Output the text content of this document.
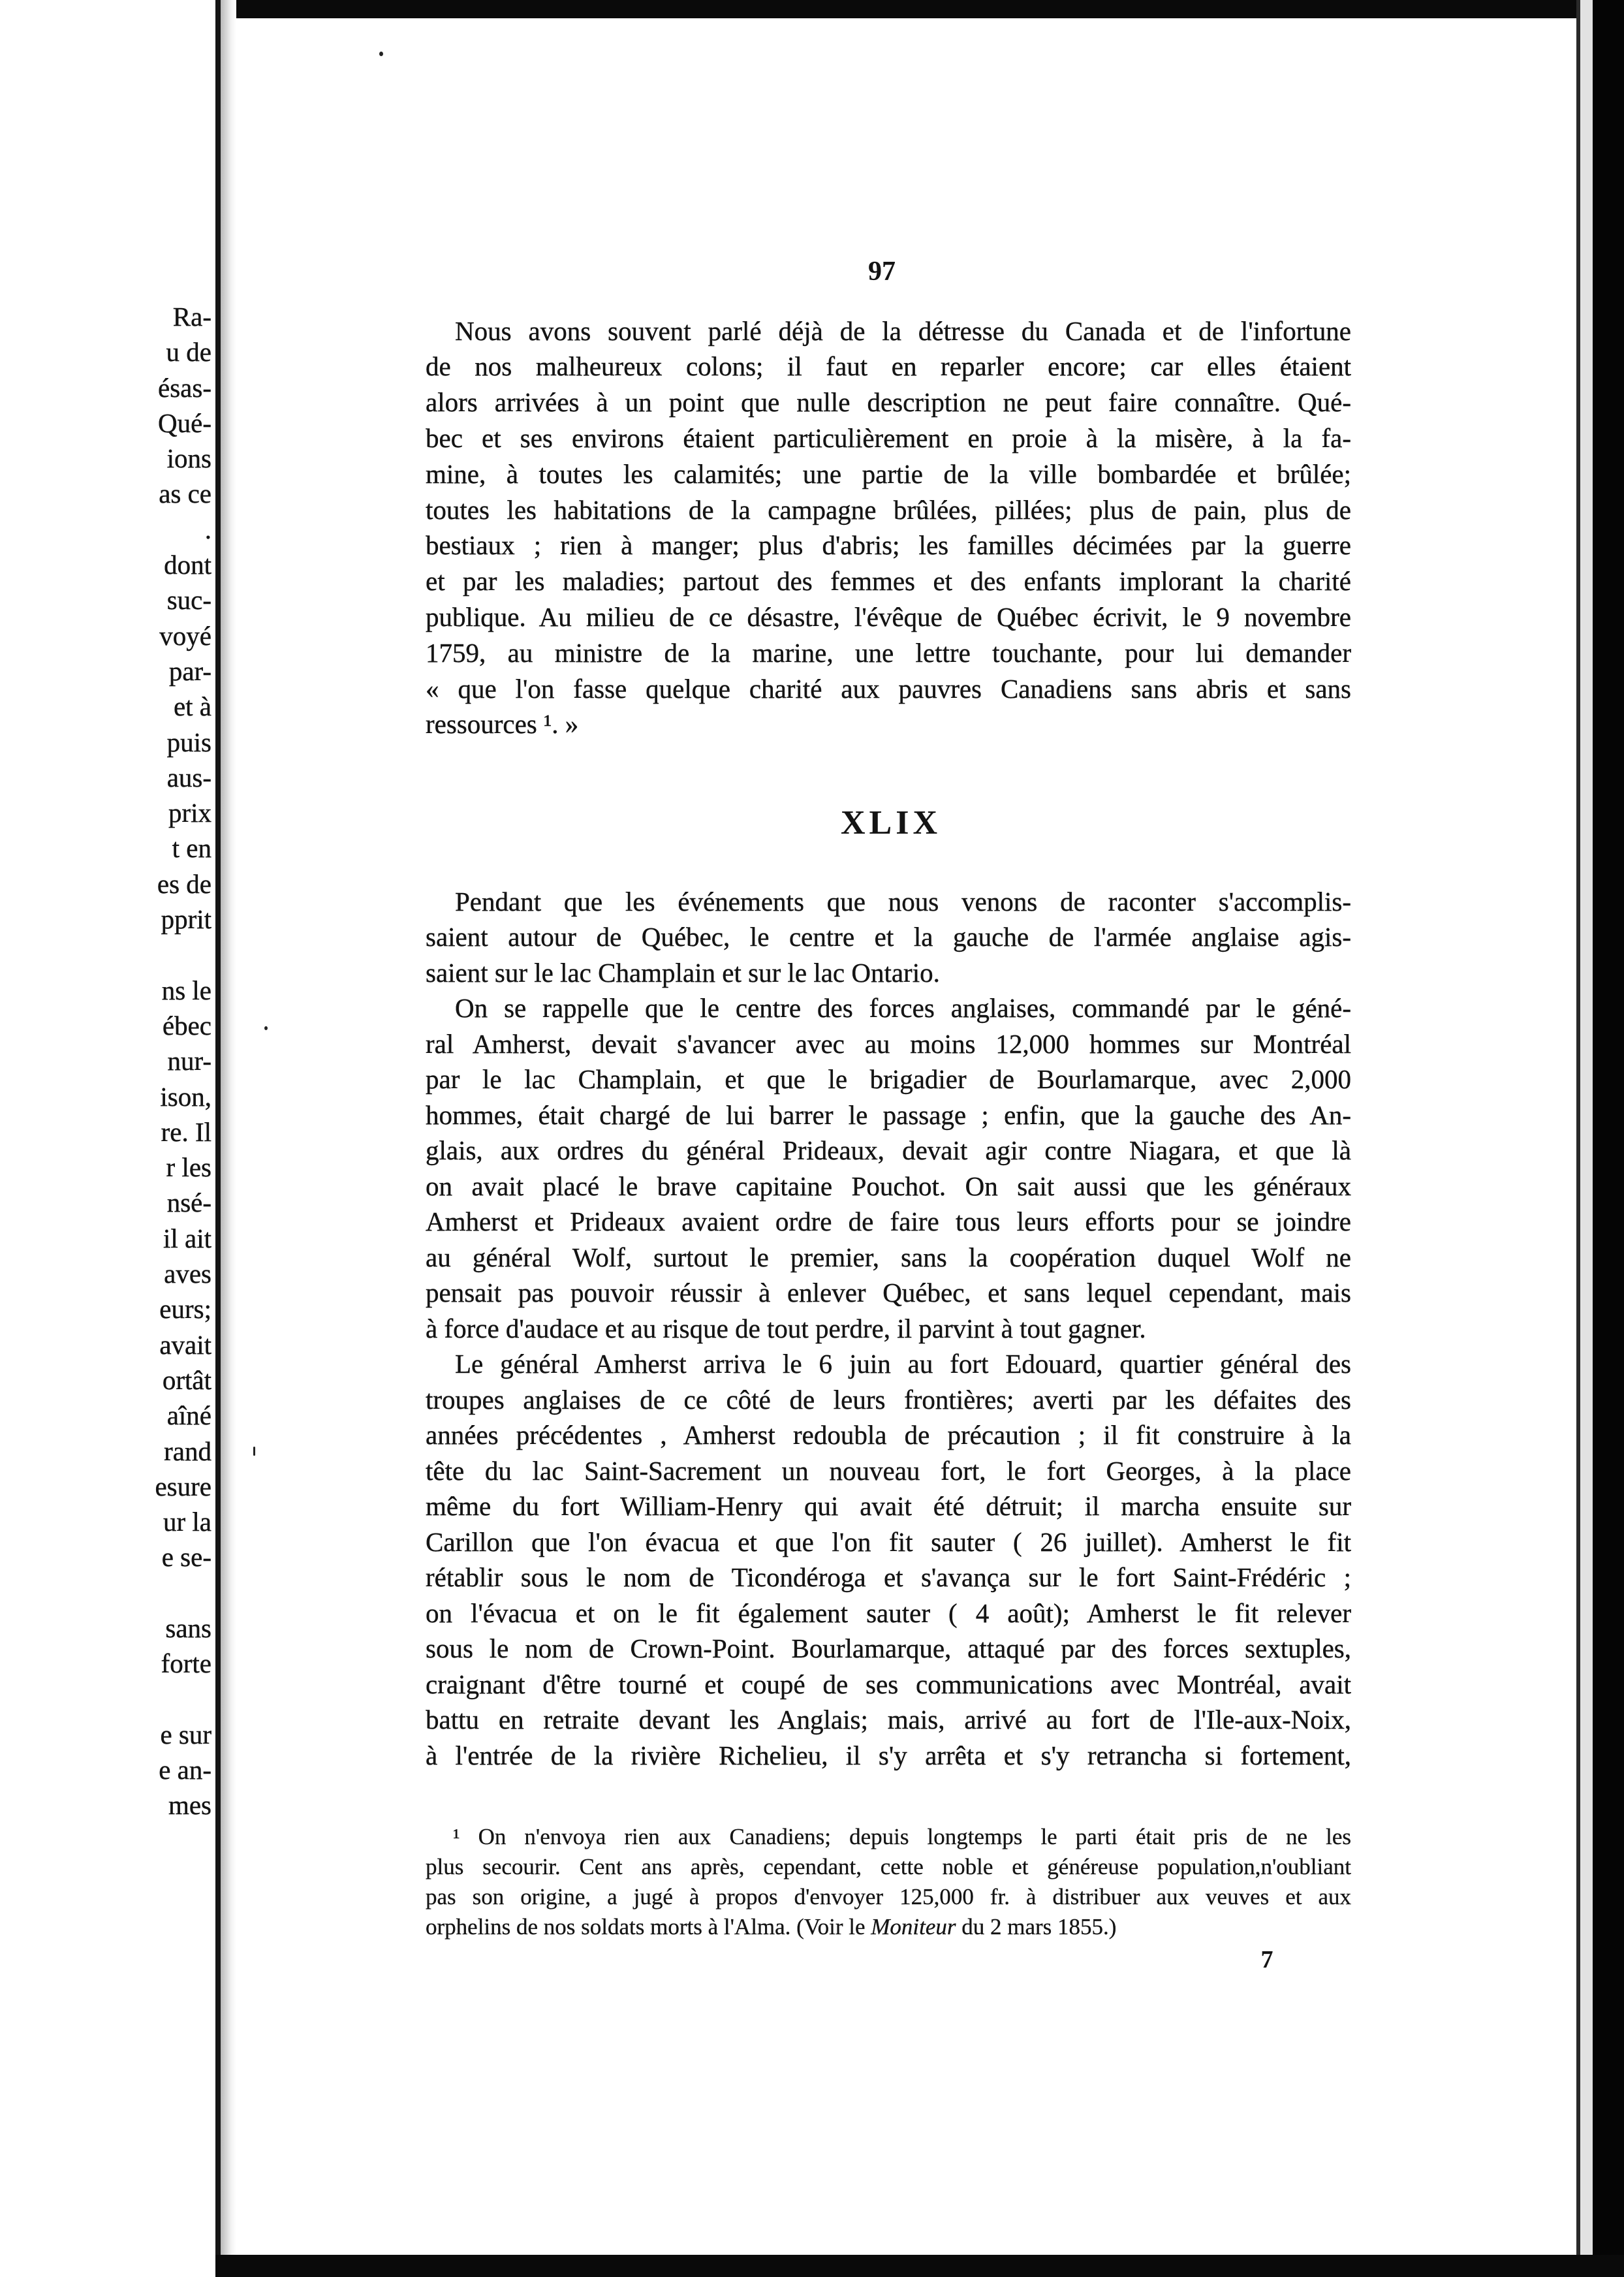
Ra-
u de
ésas-
Qué-
ions
as ce
.
dont
suc-
voyé
par-
et à
puis
aus-
prix
t en
es de
pprit
ns le
ébec
nur-
ison,
re. Il
r les
nsé-
il ait
aves
eurs;
avait
ortât
aîné
rand
esure
ur la
e se-
sans
forte
e sur
e an-
mes
97
Nous avons souvent parlé déjà de la détresse du Canada et de l'infortune
de nos malheureux colons; il faut en reparler encore; car elles étaient
alors arrivées à un point que nulle description ne peut faire connaître. Qué-
bec et ses environs étaient particulièrement en proie à la misère, à la fa-
mine, à toutes les calamités; une partie de la ville bombardée et brûlée;
toutes les habitations de la campagne brûlées, pillées; plus de pain, plus de
bestiaux ; rien à manger; plus d'abris; les familles décimées par la guerre
et par les maladies; partout des femmes et des enfants implorant la charité
publique. Au milieu de ce désastre, l'évêque de Québec écrivit, le 9 novembre
1759, au ministre de la marine, une lettre touchante, pour lui demander
« que l'on fasse quelque charité aux pauvres Canadiens sans abris et sans
ressources ¹. »
XLIX
Pendant que les événements que nous venons de raconter s'accomplis-
saient autour de Québec, le centre et la gauche de l'armée anglaise agis-
saient sur le lac Champlain et sur le lac Ontario.
On se rappelle que le centre des forces anglaises, commandé par le géné-
ral Amherst, devait s'avancer avec au moins 12,000 hommes sur Montréal
par le lac Champlain, et que le brigadier de Bourlamarque, avec 2,000
hommes, était chargé de lui barrer le passage ; enfin, que la gauche des An-
glais, aux ordres du général Prideaux, devait agir contre Niagara, et que là
on avait placé le brave capitaine Pouchot. On sait aussi que les généraux
Amherst et Prideaux avaient ordre de faire tous leurs efforts pour se joindre
au général Wolf, surtout le premier, sans la coopération duquel Wolf ne
pensait pas pouvoir réussir à enlever Québec, et sans lequel cependant, mais
à force d'audace et au risque de tout perdre, il parvint à tout gagner.
Le général Amherst arriva le 6 juin au fort Edouard, quartier général des
troupes anglaises de ce côté de leurs frontières; averti par les défaites des
années précédentes , Amherst redoubla de précaution ; il fit construire à la
tête du lac Saint-Sacrement un nouveau fort, le fort Georges, à la place
même du fort William-Henry qui avait été détruit; il marcha ensuite sur
Carillon que l'on évacua et que l'on fit sauter ( 26 juillet). Amherst le fit
rétablir sous le nom de Ticondéroga et s'avança sur le fort Saint-Frédéric ;
on l'évacua et on le fit également sauter ( 4 août); Amherst le fit relever
sous le nom de Crown-Point. Bourlamarque, attaqué par des forces sextuples,
craignant d'être tourné et coupé de ses communications avec Montréal, avait
battu en retraite devant les Anglais; mais, arrivé au fort de l'Ile-aux-Noix,
à l'entrée de la rivière Richelieu, il s'y arrêta et s'y retrancha si fortement,
¹ On n'envoya rien aux Canadiens; depuis longtemps le parti était pris de ne les
plus secourir. Cent ans après, cependant, cette noble et généreuse population,n'oubliant
pas son origine, a jugé à propos d'envoyer 125,000 fr. à distribuer aux veuves et aux
orphelins de nos soldats morts à l'Alma. (Voir le Moniteur du 2 mars 1855.)
7
